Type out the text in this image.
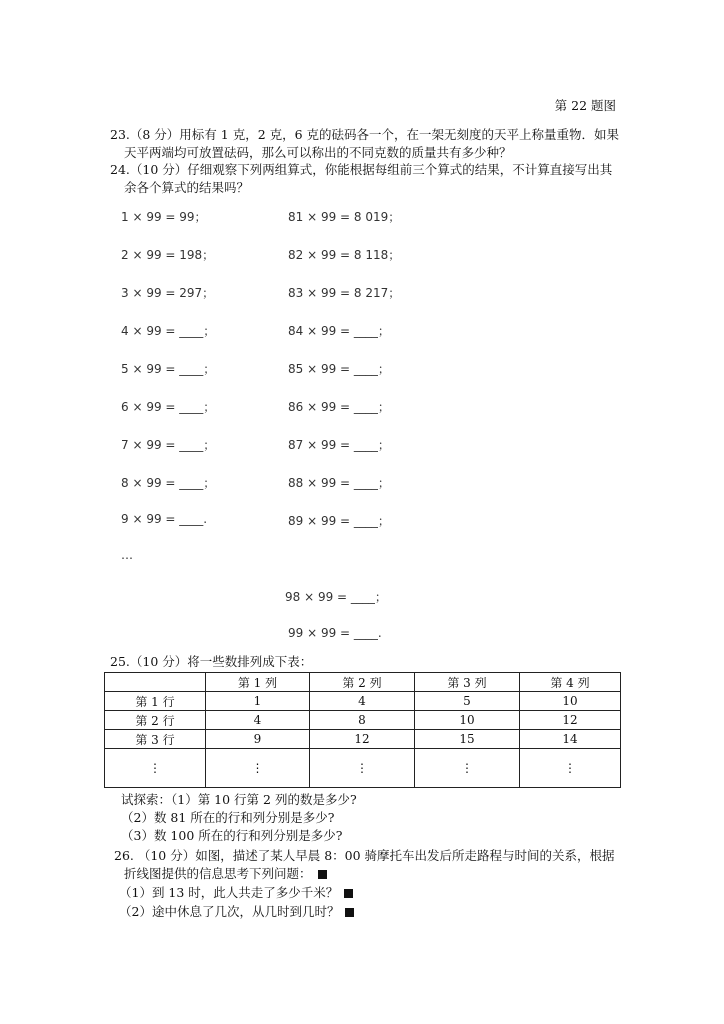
第 22 题图
23.（8 分）用标有 1 克，2 克，6 克的砝码各一个，在一架无刻度的天平上称量重物．如果
天平两端均可放置砝码，那么可以称出的不同克数的质量共有多少种？
24.（10 分）仔细观察下列两组算式，你能根据每组前三个算式的结果，不计算直接写出其
余各个算式的结果吗？
1 × 99 = 99；
2 × 99 = 198；
3 × 99 = 297；
4 × 99 = ____；
5 × 99 = ____；
6 × 99 = ____；
7 × 99 = ____；
8 × 99 = ____；
9 × 99 = ____.
81 × 99 = 8 019；
82 × 99 = 8 118；
83 × 99 = 8 217；
84 × 99 = ____；
85 × 99 = ____；
86 × 99 = ____；
87 × 99 = ____；
88 × 99 = ____；
89 × 99 = ____；
…
98 × 99 = ____；
99 × 99 = ____.
25.（10 分）将一些数排列成下表：
	第 1 列	第 2 列	第 3 列	第 4 列
第 1 行	1	4	5	10
第 2 行	4	8	10	12
第 3 行	9	12	15	14
⋮	⋮	⋮	⋮	⋮
试探索：（1）第 10 行第 2 列的数是多少?
（2）数 81 所在的行和列分别是多少?
（3）数 100 所在的行和列分别是多少?
26. （10 分）如图，描述了某人早晨 8：00 骑摩托车出发后所走路程与时间的关系，根据
折线图提供的信息思考下列问题：
（1）到 13 时，此人共走了多少千米？
（2）途中休息了几次，从几时到几时？
